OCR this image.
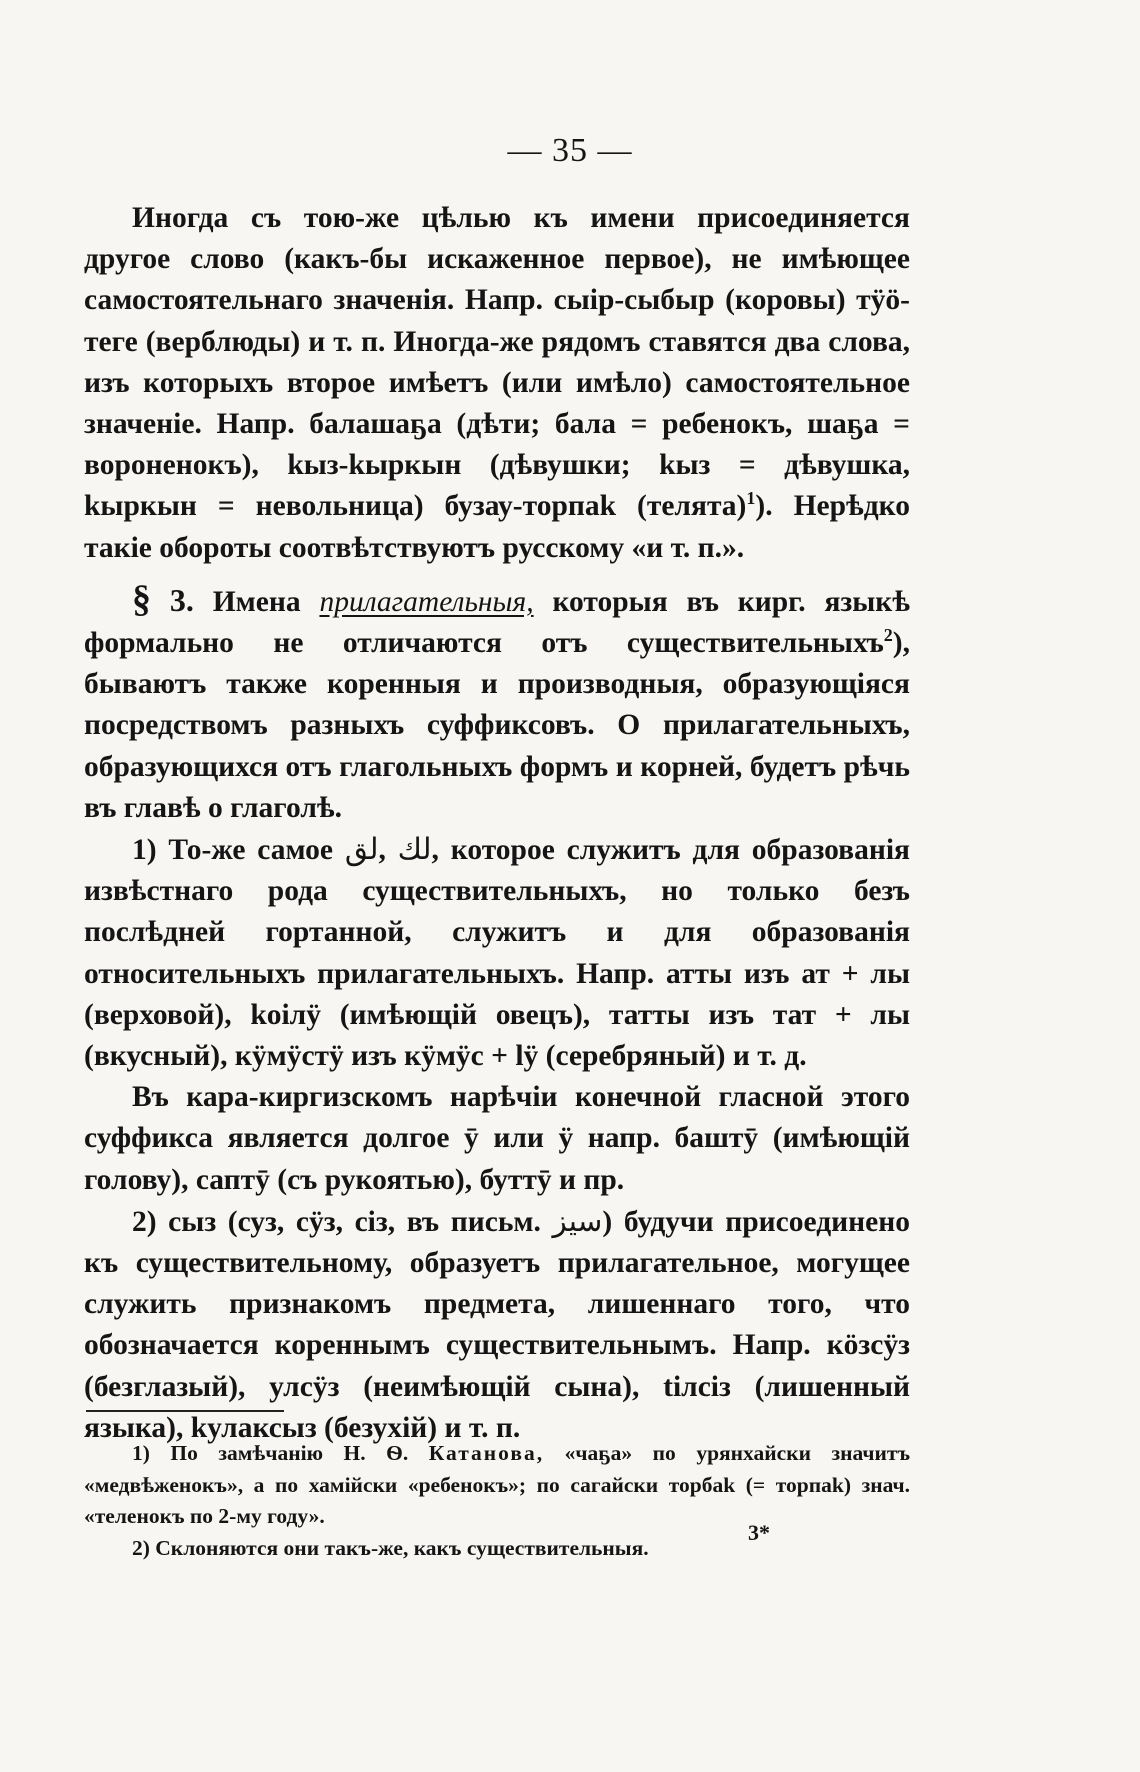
— 35 —

Иногда съ тою-же цѣлью къ имени присоединяется другое слово (какъ-бы искаженное первое), не имѣющее самостоятельнаго значенія. Напр. сыір-сыбыр (коровы) тӱӧ-теге (верблюды) и т. п. Иногда-же рядомъ ставятся два слова, изъ которыхъ второе имѣетъ (или имѣло) самостоятельное значеніе. Напр. балашаҕа (дѣти; бала = ребенокъ, шаҕа = вороненокъ), kыз-kыркын (дѣвушки; kыз = дѣвушка, kыркын = невольница) бузау-торпаk (телята)$^1$). Нерѣдко такіе обороты соотвѣтствуютъ русскому «и т. п.».

§ 3. Имена прилагательныя, которыя въ кирг. языкѣ формально не отличаются отъ существительныхъ$^2$), бываютъ также коренныя и производныя, образующіяся посредствомъ разныхъ суффиксовъ. О прилагательныхъ, образующихся отъ глагольныхъ формъ и корней, будетъ рѣчь въ главѣ о глаголѣ.

1) То-же самое لق, لك, которое служитъ для образованія извѣстнаго рода существительныхъ, но только безъ послѣдней гортанной, служитъ и для образованія относительныхъ прилагательныхъ. Напр. атты изъ ат + лы (верховой), kоілӱ (имѣющій овецъ), татты изъ тат + лы (вкусный), кӱмӱстӱ изъ кӱмӱс + lӱ (серебряный) и т. д.

Въ кара-киргизскомъ нарѣчіи конечной гласной этого суффикса является долгое ӯ или ӱ напр. баштӯ (имѣющій голову), саптӯ (съ рукоятью), буттӯ и пр.

2) сыз (суз, сӱз, сіз, въ письм. سيز) будучи присоединено къ существительному, образуетъ прилагательное, могущее служить признакомъ предмета, лишеннаго того, что обозначается кореннымъ существительнымъ. Напр. кӧзсӱз (безглазый), улсӱз (неимѣющій сына), tiлсіз (лишенный языка), kулаксыз (безухій) и т. п.

1) По замѣчанію Н. Ѳ. Катанова, «чаҕа» по урянхайски значитъ «медвѣженокъ», а по хамійски «ребенокъ»; по сагайски торбаk (= торпаk) знач. «теленокъ по 2-му году».

2) Склоняются они такъ-же, какъ существительныя.

3*
